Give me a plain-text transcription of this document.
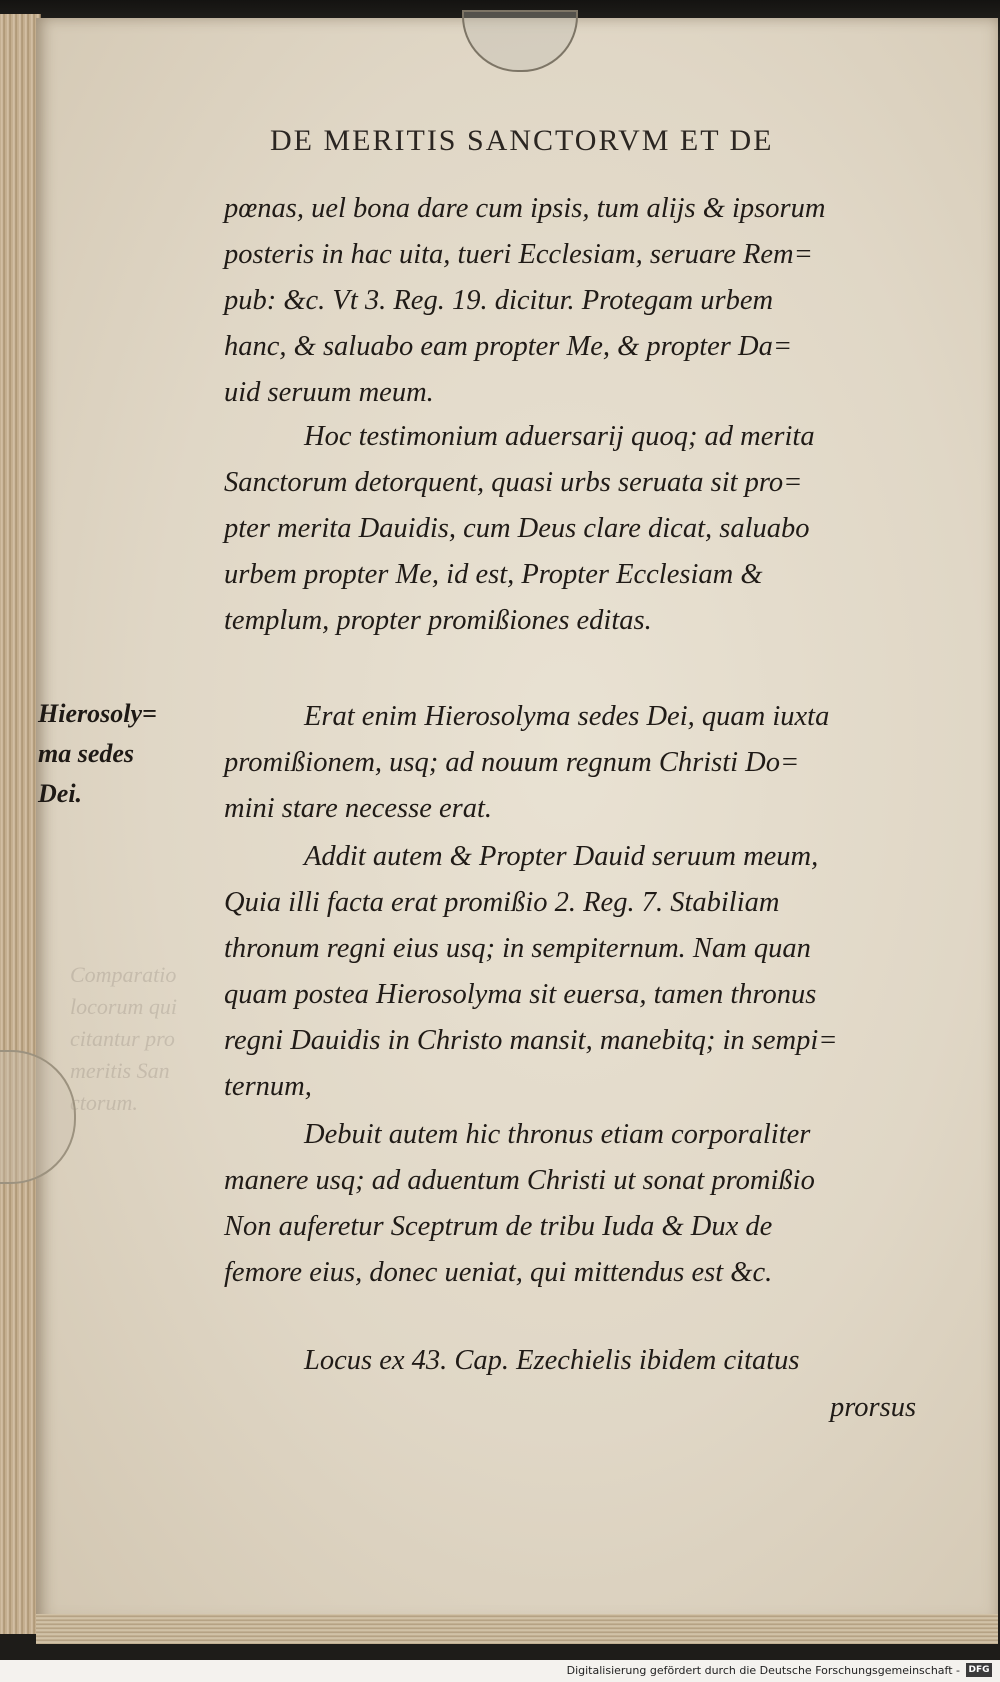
Comparatio
locorum qui
citantur pro
meritis San
ctorum.
DE MERITIS SANCTORVM ET DE

pœnas, uel bona dare cum ipsis, tum alijs & ipsorum
posteris in hac uita, tueri Ecclesiam, seruare Rem=
pub: &c. Vt 3. Reg. 19. dicitur. Protegam urbem
hanc, & saluabo eam propter Me, & propter Da=
uid seruum meum.

Hoc testimonium aduersarij quoq; ad merita
Sanctorum detorquent, quasi urbs seruata sit pro=
pter merita Dauidis, cum Deus clare dicat, saluabo
urbem propter Me, id est, Propter Ecclesiam &
templum, propter promißiones editas.

Hierosoly=
ma sedes
Dei.

Erat enim Hierosolyma sedes Dei, quam iuxta
promißionem, usq; ad nouum regnum Christi Do=
mini stare necesse erat.

Addit autem & Propter Dauid seruum meum,
Quia illi facta erat promißio 2. Reg. 7. Stabiliam
thronum regni eius usq; in sempiternum. Nam quan
quam postea Hierosolyma sit euersa, tamen thronus
regni Dauidis in Christo mansit, manebitq; in sempi=
ternum,

Debuit autem hic thronus etiam corporaliter
manere usq; ad aduentum Christi ut sonat promißio
Non auferetur Sceptrum de tribu Iuda & Dux de
femore eius, donec ueniat, qui mittendus est &c.

Locus ex 43. Cap. Ezechielis ibidem citatus

prorsus
Digitalisierung gefördert durch die Deutsche Forschungsgemeinschaft - DFG
